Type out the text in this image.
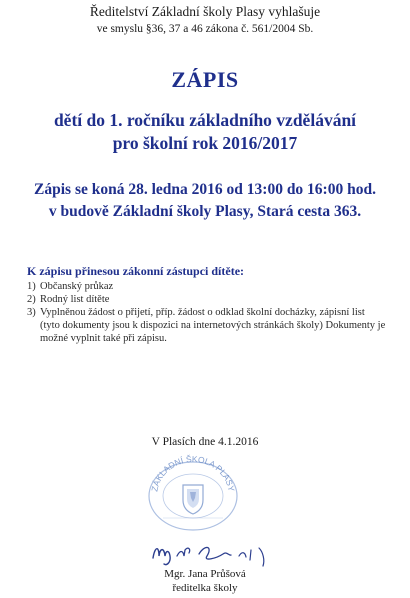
Ředitelství Základní školy Plasy vyhlašuje
ve smyslu §36, 37 a 46 zákona č. 561/2004 Sb.
ZÁPIS
dětí do 1. ročníku základního vzdělávání
pro školní rok 2016/2017
Zápis se koná 28. ledna 2016 od 13:00 do 16:00 hod.
v budově Základní školy Plasy, Stará cesta 363.
K zápisu přinesou zákonní zástupci dítěte:
1) Občanský průkaz
2) Rodný list dítěte
3) Vyplněnou žádost o přijetí, příp. žádost o odklad školní docházky, zápisní list (tyto dokumenty jsou k dispozici na internetových stránkách školy) Dokumenty je možné vyplnit také při zápisu.
V Plasích dne 4.1.2016
ZÁKLADNÍ ŠKOLA PLASY
Mgr. Jana Průšová
ředitelka školy
